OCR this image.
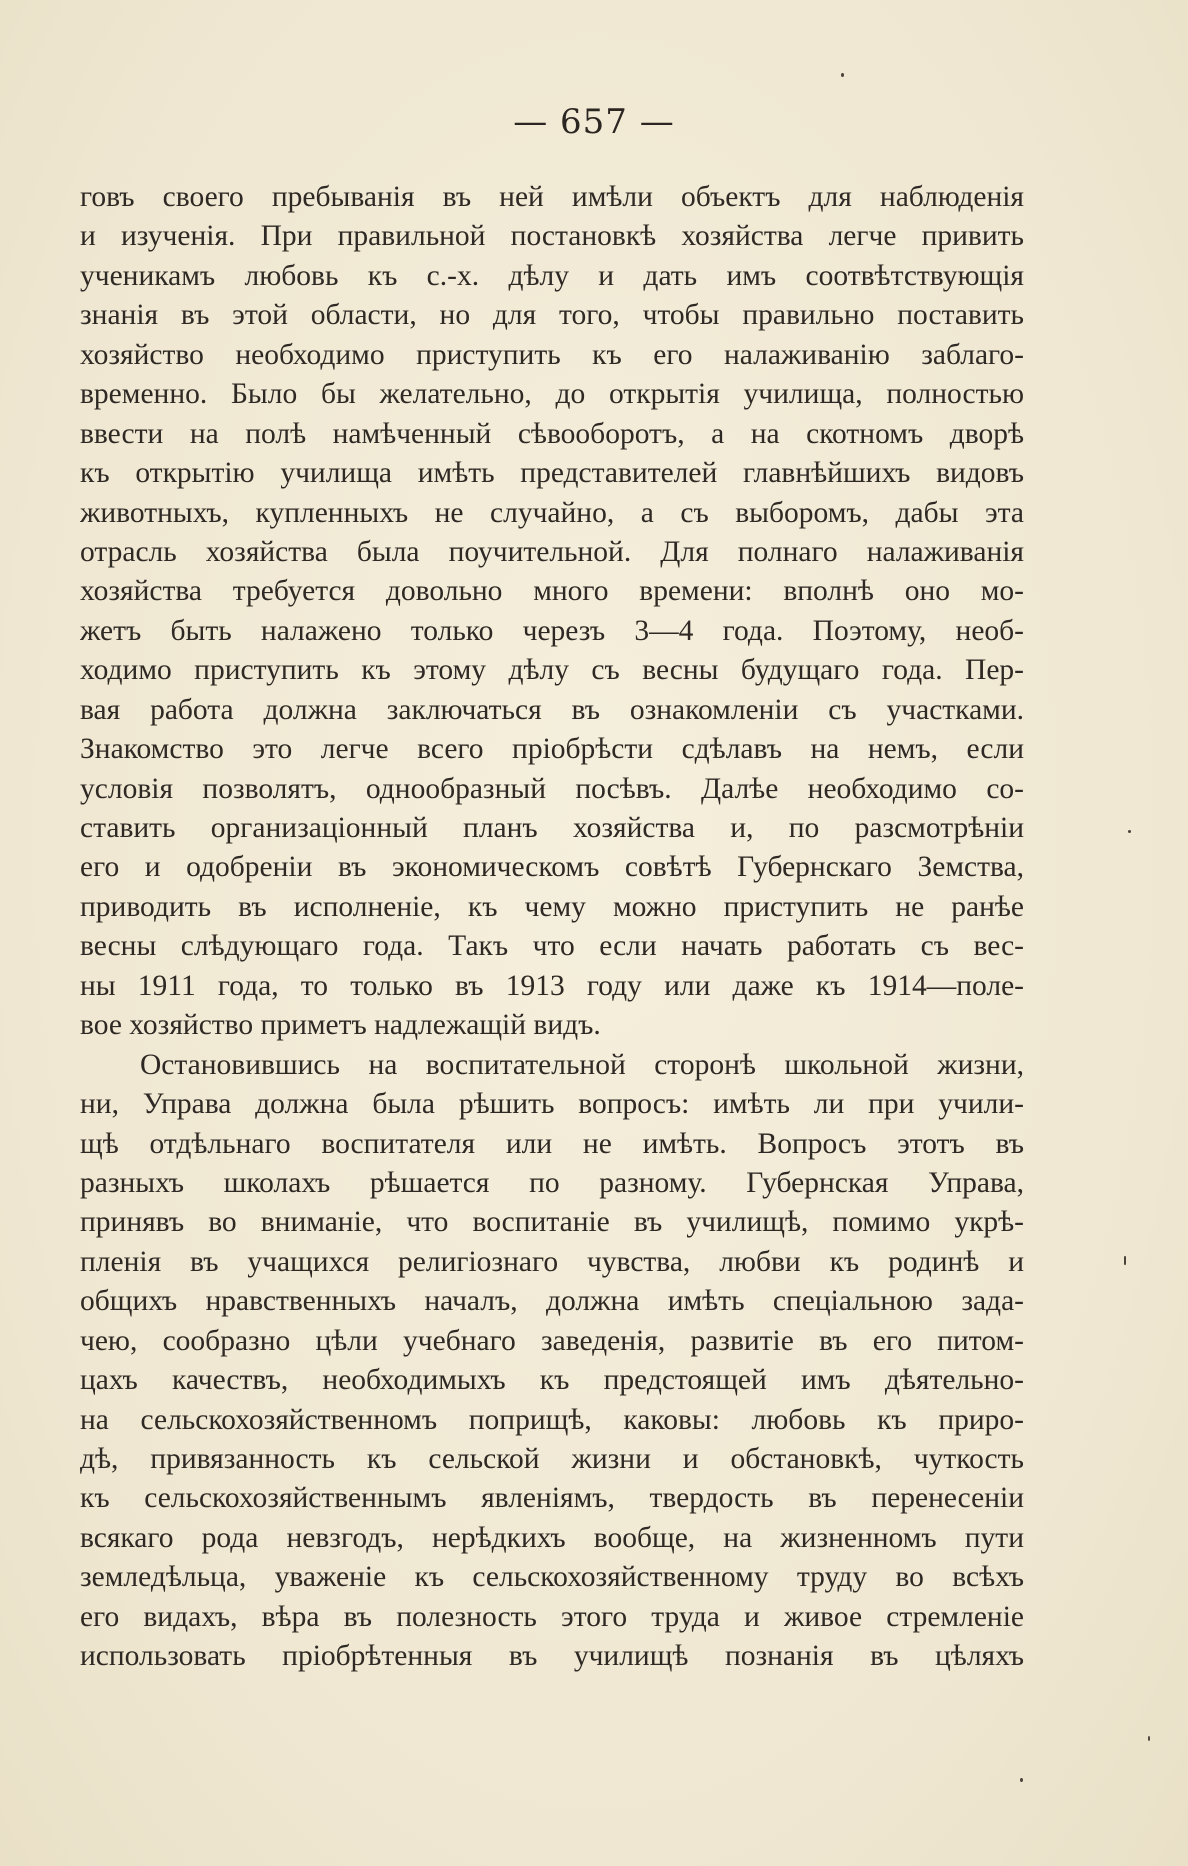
— 657 —
говъ своего пребыванія въ ней имѣли объектъ для наблюденія
и изученія. При правильной постановкѣ хозяйства легче привить
ученикамъ любовь къ с.-х. дѣлу и дать имъ соотвѣтствующія
знанія въ этой области, но для того, чтобы правильно поставить
хозяйство необходимо приступить къ его налаживанію заблаго-
временно. Было бы желательно, до открытія училища, полностью
ввести на полѣ намѣченный сѣвооборотъ, а на скотномъ дворѣ
къ открытію училища имѣть представителей главнѣйшихъ видовъ
животныхъ, купленныхъ не случайно, а съ выборомъ, дабы эта
отрасль хозяйства была поучительной. Для полнаго налаживанія
хозяйства требуется довольно много времени: вполнѣ оно мо-
жетъ быть налажено только черезъ 3—4 года. Поэтому, необ-
ходимо приступить къ этому дѣлу съ весны будущаго года. Пер-
вая работа должна заключаться въ ознакомленіи съ участками.
Знакомство это легче всего пріобрѣсти сдѣлавъ на немъ, если
условія позволятъ, однообразный посѣвъ. Далѣе необходимо со-
ставить организаціонный планъ хозяйства и, по разсмотрѣніи
его и одобреніи въ экономическомъ совѣтѣ Губернскаго Земства,
приводить въ исполненіе, къ чему можно приступить не ранѣе
весны слѣдующаго года. Такъ что если начать работать съ вес-
ны 1911 года, то только въ 1913 году или даже къ 1914—поле-
вое хозяйство приметъ надлежащій видъ.
Остановившись на воспитательной сторонѣ школьной жизни,
ни, Управа должна была рѣшить вопросъ: имѣть ли при учили-
щѣ отдѣльнаго воспитателя или не имѣть. Вопросъ этотъ въ
разныхъ школахъ рѣшается по разному. Губернская Управа,
принявъ во вниманіе, что воспитаніе въ училищѣ, помимо укрѣ-
пленія въ учащихся религіознаго чувства, любви къ родинѣ и
общихъ нравственныхъ началъ, должна имѣть спеціальною зада-
чею, сообразно цѣли учебнаго заведенія, развитіе въ его питом-
цахъ качествъ, необходимыхъ къ предстоящей имъ дѣятельно-
на сельскохозяйственномъ поприщѣ, каковы: любовь къ приро-
дѣ, привязанность къ сельской жизни и обстановкѣ, чуткость
къ сельскохозяйственнымъ явленіямъ, твердость въ перенесеніи
всякаго рода невзгодъ, нерѣдкихъ вообще, на жизненномъ пути
земледѣльца, уваженіе къ сельскохозяйственному труду во всѣхъ
его видахъ, вѣра въ полезность этого труда и живое стремленіе
использовать пріобрѣтенныя въ училищѣ познанія въ цѣляхъ
